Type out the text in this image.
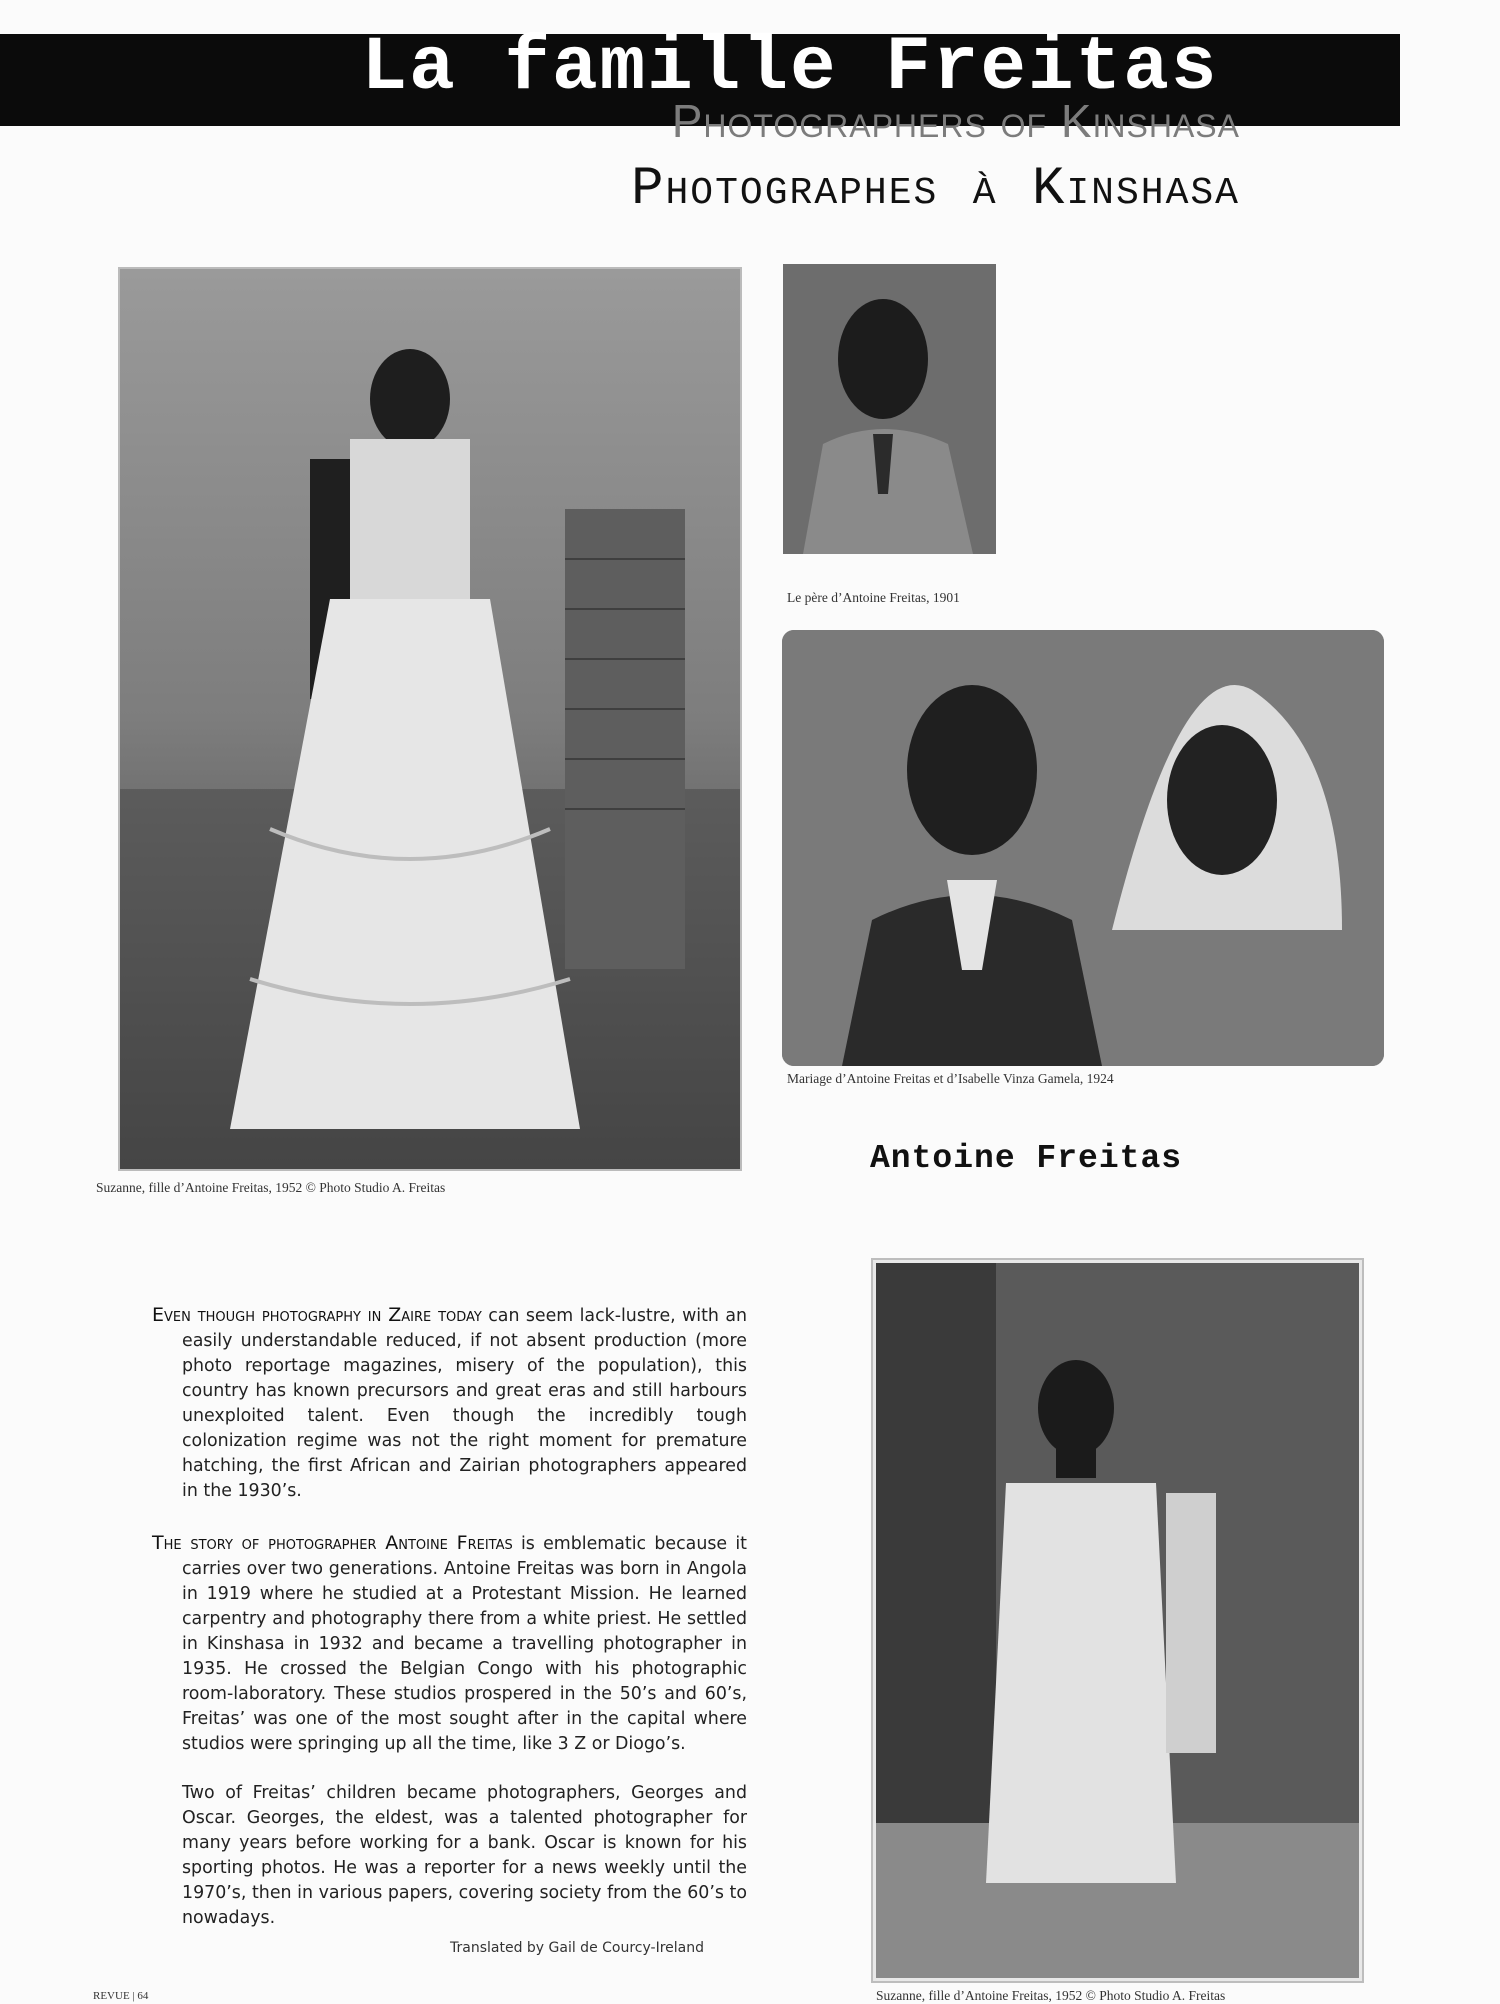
La famille Freitas
Photographers of Kinshasa
Photographes à Kinshasa
Suzanne, fille d’Antoine Freitas, 1952 © Photo Studio A. Freitas
Le père d’Antoine Freitas, 1901
Mariage d’Antoine Freitas et d’Isabelle Vinza Gamela, 1924
Antoine Freitas
Suzanne, fille d’Antoine Freitas, 1952 © Photo Studio A. Freitas

Even though photography in Zaire today can seem lack-lustre, with an easily understandable reduced, if not absent production (more photo reportage magazines, misery of the population), this country has known precursors and great eras and still harbours unexploited talent. Even though the incredibly tough colonization regime was not the right moment for premature hatching, the first African and Zairian photographers appeared in the 1930’s.

The story of photographer Antoine Freitas is emblematic because it carries over two generations. Antoine Freitas was born in Angola in 1919 where he studied at a Protestant Mission. He learned carpentry and photography there from a white priest. He settled in Kinshasa in 1932 and became a travelling photographer in 1935. He crossed the Belgian Congo with his photographic room-laboratory. These studios prospered in the 50’s and 60’s, Freitas’ was one of the most sought after in the capital where studios were springing up all the time, like 3 Z or Diogo’s.

Two of Freitas’ children became photographers, Georges and Oscar. Georges, the eldest, was a talented photographer for many years before working for a bank. Oscar is known for his sporting photos. He was a reporter for a news weekly until the 1970’s, then in various papers, covering society from the 60’s to nowadays.

Translated by Gail de Courcy-Ireland
REVUE | 64
